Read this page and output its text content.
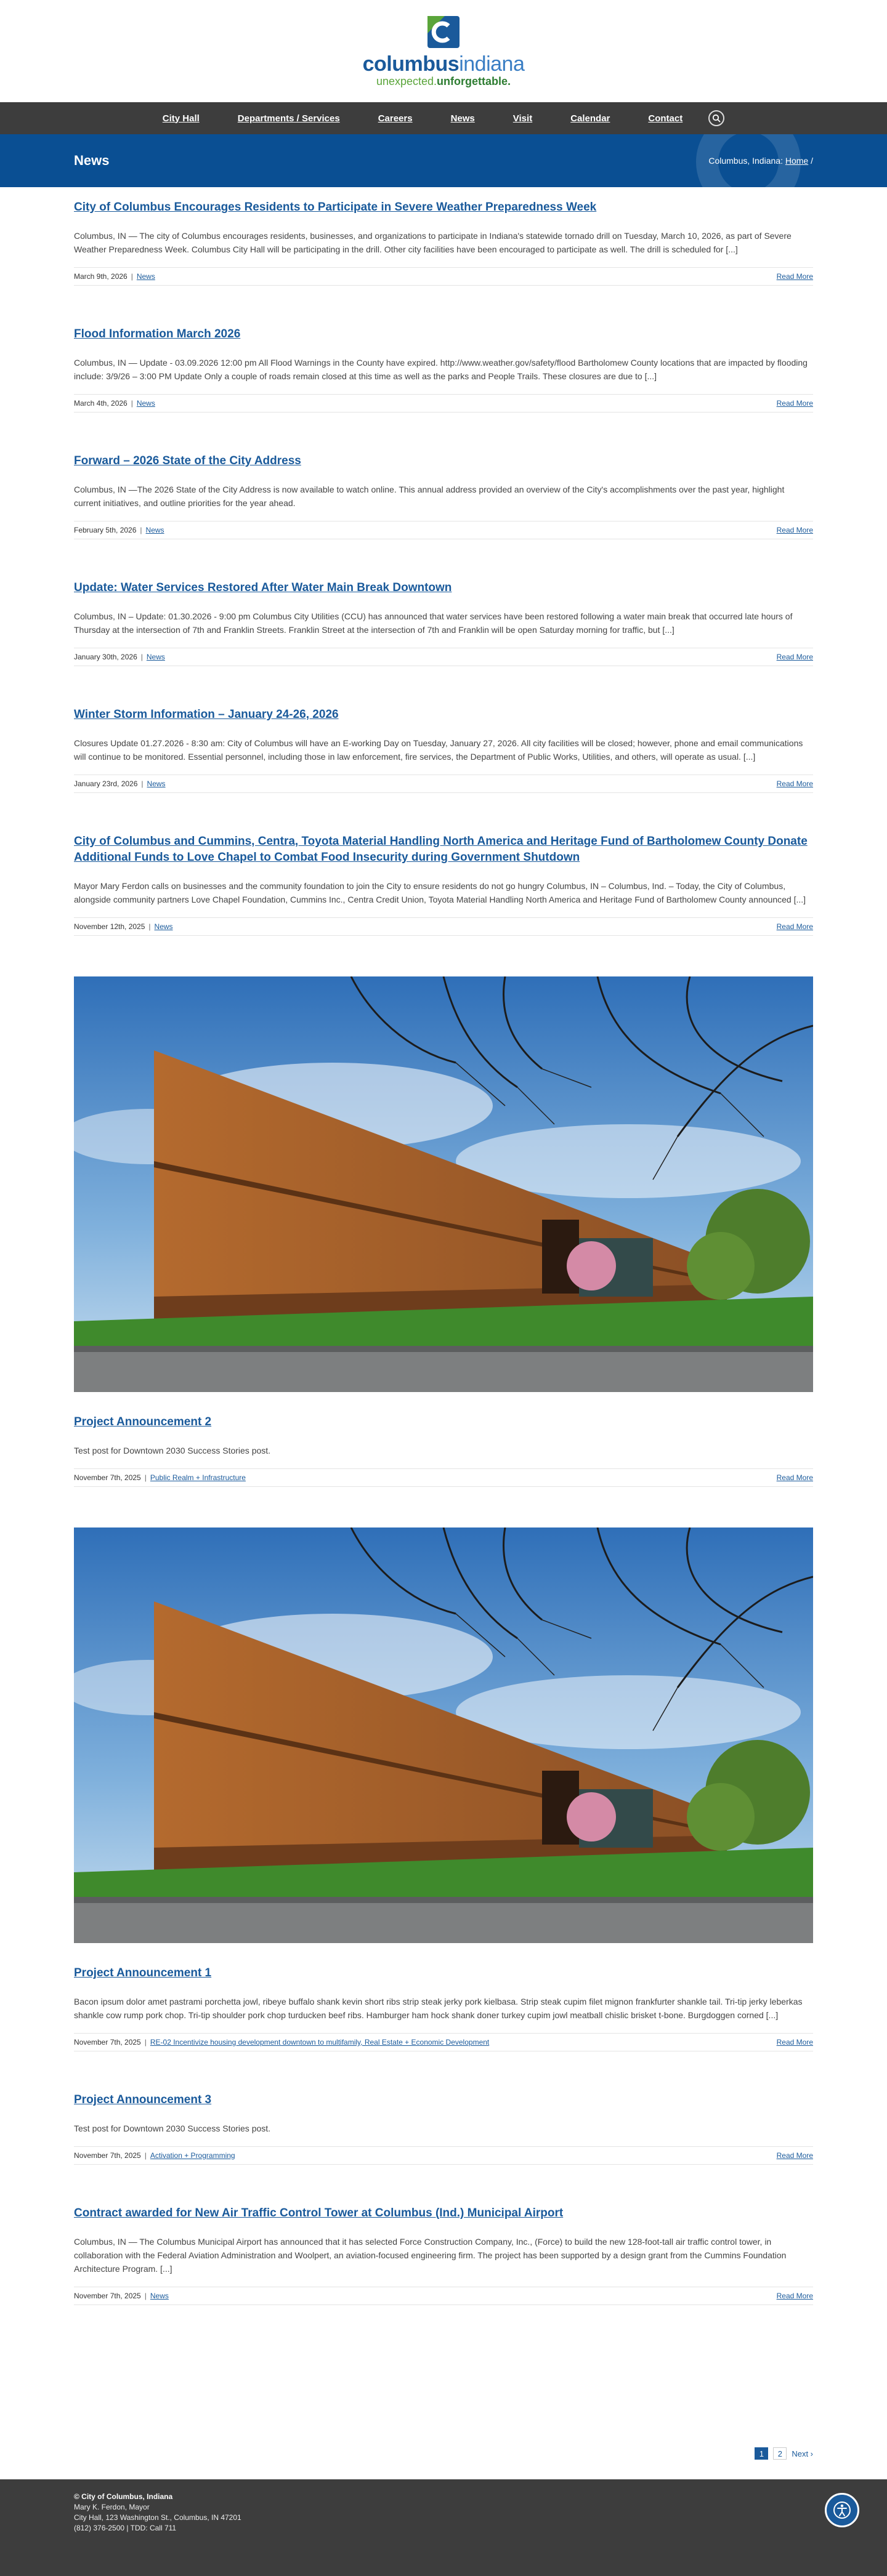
columbusindiana
unexpected.unforgettable.
City Hall	Departments / Services	Careers	News	Visit	Calendar	Contact
News	Columbus, Indiana: Home /
City of Columbus Encourages Residents to Participate in Severe Weather Preparedness Week

Columbus, IN — The city of Columbus encourages residents, businesses, and organizations to participate in Indiana's statewide tornado drill on Tuesday, March 10, 2026, as part of Severe Weather Preparedness Week. Columbus City Hall will be participating in the drill. Other city facilities have been encouraged to participate as well. The drill is scheduled for [...]

March 9th, 2026 | News	Read More
Flood Information March 2026

Columbus, IN — Update - 03.09.2026 12:00 pm All Flood Warnings in the County have expired. http://www.weather.gov/safety/flood Bartholomew County locations that are impacted by flooding include: 3/9/26 – 3:00 PM Update Only a couple of roads remain closed at this time as well as the parks and People Trails. These closures are due to [...]

March 4th, 2026 | News	Read More
Forward – 2026 State of the City Address

Columbus, IN —The 2026 State of the City Address is now available to watch online. This annual address provided an overview of the City's accomplishments over the past year, highlight current initiatives, and outline priorities for the year ahead.

February 5th, 2026 | News	Read More
Update: Water Services Restored After Water Main Break Downtown

Columbus, IN – Update: 01.30.2026 - 9:00 pm Columbus City Utilities (CCU) has announced that water services have been restored following a water main break that occurred late hours of Thursday at the intersection of 7th and Franklin Streets. Franklin Street at the intersection of 7th and Franklin will be open Saturday morning for traffic, but [...]

January 30th, 2026 | News	Read More
Winter Storm Information – January 24-26, 2026

Closures Update 01.27.2026 - 8:30 am: City of Columbus will have an E-working Day on Tuesday, January 27, 2026. All city facilities will be closed; however, phone and email communications will continue to be monitored. Essential personnel, including those in law enforcement, fire services, the Department of Public Works, Utilities, and others, will operate as usual. [...]

January 23rd, 2026 | News	Read More
City of Columbus and Cummins, Centra, Toyota Material Handling North America and Heritage Fund of Bartholomew County Donate Additional Funds to Love Chapel to Combat Food Insecurity during Government Shutdown

Mayor Mary Ferdon calls on businesses and the community foundation to join the City to ensure residents do not go hungry Columbus, IN – Columbus, Ind. – Today, the City of Columbus, alongside community partners Love Chapel Foundation, Cummins Inc., Centra Credit Union, Toyota Material Handling North America and Heritage Fund of Bartholomew County announced [...]

November 12th, 2025 | News	Read More
Project Announcement 2

Test post for Downtown 2030 Success Stories post.

November 7th, 2025 | Public Realm + Infrastructure	Read More
Project Announcement 1

Bacon ipsum dolor amet pastrami porchetta jowl, ribeye buffalo shank kevin short ribs strip steak jerky pork kielbasa. Strip steak cupim filet mignon frankfurter shankle tail. Tri-tip jerky leberkas shankle cow rump pork chop. Tri-tip shoulder pork chop turducken beef ribs. Hamburger ham hock shank doner turkey cupim jowl meatball chislic brisket t-bone. Burgdoggen corned [...]

November 7th, 2025 | RE-02 Incentivize housing development downtown to multifamily, Real Estate + Economic Development	Read More
Project Announcement 3

Test post for Downtown 2030 Success Stories post.

November 7th, 2025 | Activation + Programming	Read More
Contract awarded for New Air Traffic Control Tower at Columbus (Ind.) Municipal Airport

Columbus, IN — The Columbus Municipal Airport has announced that it has selected Force Construction Company, Inc., (Force) to build the new 128-foot-tall air traffic control tower, in collaboration with the Federal Aviation Administration and Woolpert, an aviation-focused engineering firm. The project has been supported by a design grant from the Cummins Foundation Architecture Program. [...]

November 7th, 2025 | News	Read More
1	2	Next ›
© City of Columbus, Indiana
Mary K. Ferdon, Mayor
City Hall, 123 Washington St., Columbus, IN 47201
(812) 376-2500 | TDD: Call 711
